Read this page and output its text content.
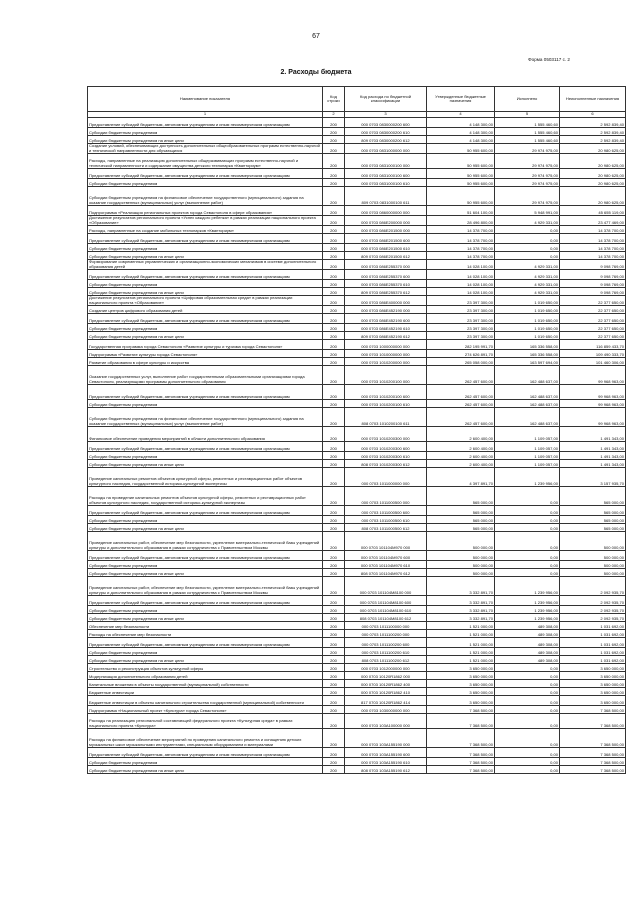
67
Форма 0503117 с. 2
2. Расходы бюджета
Наименование показателя	Код строки	Код расхода по бюджетной классификации	Утвержденные бюджетные назначения	Исполнено	Неисполненные назначения
1	2	3	4	5	6
Предоставление субсидий бюджетным, автономным учреждениям и иным некоммерческим организациям	200	000 0703 0830000200 600	4 148 300,00	1 555 460,60	2 592 839,40
Субсидии бюджетным учреждениям	200	000 0703 0830000200 610	4 148 300,00	1 555 460,60	2 592 839,40
Субсидии бюджетным учреждениям на иные цели	200	809 0703 0830000200 612	4 148 300,00	1 555 460,60	2 592 839,40
Создание условий, обеспечивающих доступность дополнительных общеобразовательных программ естественно-научной и технической направленности для обучающихся	200	000 0703 0831000000 000	50 955 600,00	29 974 975,00	20 980 625,00
Расходы, направленные на реализацию дополнительных общеразвивающих программ естественно-научной и технической направленности и содержание имущества детского технопарка «Кванториум»	200	000 0703 0831000100 000	50 955 600,00	29 974 975,00	20 980 625,00
Предоставление субсидий бюджетным, автономным учреждениям и иным некоммерческим организациям	200	000 0703 0831000100 600	50 955 600,00	29 974 975,00	20 980 625,00
Субсидии бюджетным учреждениям	200	000 0703 0831000100 610	50 955 600,00	29 974 975,00	20 980 625,00
Субсидии бюджетным учреждениям на финансовое обеспечение государственного (муниципального) задания на оказание государственных (муниципальных) услуг (выполнение работ)	200	809 0703 0831000100 611	50 955 600,00	29 974 975,00	20 980 625,00
Подпрограмма «Реализация региональных проектов города Севастополя в сфере образования»	200	000 0703 0860000000 000	51 604 100,00	5 948 991,00	45 655 119,00
Достижение результатов регионального проекта «Успех каждого ребенка» в рамках реализации национального проекта «Образование»	200	000 0703 086E200000 000	28 496 800,00	4 929 331,00	23 477 469,00
Расходы, направленные на создание мобильных технопарков «Кванториум»	200	000 0703 086E201500 000	14 378 700,00	0,00	14 378 700,00
Предоставление субсидий бюджетным, автономным учреждениям и иным некоммерческим организациям	200	000 0703 086E201500 600	14 378 700,00	0,00	14 378 700,00
Субсидии бюджетным учреждениям	200	000 0703 086E201500 610	14 378 700,00	0,00	14 378 700,00
Субсидии бюджетным учреждениям на иные цели	200	809 0703 086E201500 612	14 378 700,00	0,00	14 378 700,00
Формирование современных управленческих и организационно-экономических механизмов в системе дополнительного образования детей	200	000 0703 086E255370 000	14 028 100,00	4 929 331,00	9 098 769,00
Предоставление субсидий бюджетным, автономным учреждениям и иным некоммерческим организациям	200	000 0703 086E255370 600	14 028 100,00	4 929 331,00	9 098 769,00
Субсидии бюджетным учреждениям	200	000 0703 086E255370 610	14 028 100,00	4 929 331,00	9 098 769,00
Субсидии бюджетным учреждениям на иные цели	200	809 0703 086E255370 612	14 028 100,00	4 929 331,00	9 098 769,00
Достижение результатов регионального проекта «Цифровая образовательная среда» в рамках реализации национального проекта «Образование»	200	000 0703 086E400000 000	23 397 300,00	1 019 650,00	22 377 650,00
Создание центров цифрового образования детей	200	000 0703 086E452190 000	23 397 300,00	1 019 650,00	22 377 650,00
Предоставление субсидий бюджетным, автономным учреждениям и иным некоммерческим организациям	200	000 0703 086E452190 600	23 397 300,00	1 019 650,00	22 377 650,00
Субсидии бюджетным учреждениям	200	000 0703 086E452190 610	23 397 300,00	1 019 650,00	22 377 650,00
Субсидии бюджетным учреждениям на иные цели	200	809 0703 086E452190 612	23 397 300,00	1 019 650,00	22 377 650,00
Государственная программа города Севастополя «Развитие культуры и туризма города Севастополя»	200	000 0703 1000000000 000	282 195 991,70	165 336 558,00	116 859 433,70
Подпрограмма «Развитие культуры города Севастополя»	200	000 0703 1010000000 000	274 626 891,70	165 336 558,00	109 490 333,70
Развитие образования в сфере культуры и искусства	200	000 0703 1010200000 000	265 058 000,00	163 597 694,00	101 460 306,00
Оказание государственных услуг, выполнение работ государственными образовательными организациями города Севастополя, реализующими программы дополнительного образования	200	000 0703 1010200100 000	262 457 600,00	162 488 637,00	99 968 963,00
Предоставление субсидий бюджетным, автономным учреждениям и иным некоммерческим организациям	200	000 0703 1010200100 600	262 457 600,00	162 488 637,00	99 968 963,00
Субсидии бюджетным учреждениям	200	000 0703 1010200100 610	262 457 600,00	162 488 637,00	99 968 963,00
Субсидии бюджетным учреждениям на финансовое обеспечение государственного (муниципального) задания на оказание государственных (муниципальных) услуг (выполнение работ)	200	808 0703 1010200100 611	262 457 600,00	162 488 637,00	99 968 963,00
Финансовое обеспечение проведения мероприятий в области дополнительного образования	200	000 0703 1010200300 000	2 600 400,00	1 109 057,00	1 491 343,00
Предоставление субсидий бюджетным, автономным учреждениям и иным некоммерческим организациям	200	000 0703 1010200300 600	2 600 400,00	1 109 057,00	1 491 343,00
Субсидии бюджетным учреждениям	200	000 0703 1010200300 610	2 600 400,00	1 109 057,00	1 491 343,00
Субсидии бюджетным учреждениям на иные цели	200	808 0703 1010200300 612	2 600 400,00	1 109 057,00	1 491 343,00
Проведение капитальных ремонтов объектов культурной сферы, ремонтных и реставрационных работ объектов культурного наследия, государственной историко-культурной экспертизы	200	000 0703 1011000000 000	4 397 891,70	1 239 956,00	3 157 935,70
Расходы на проведение капитальных ремонтов объектов культурной сферы, ремонтных и реставрационных работ объектов культурного наследия, государственной историко-культурной экспертизы	200	000 0703 1011000500 000	565 000,00	0,00	565 000,00
Предоставление субсидий бюджетным, автономным учреждениям и иным некоммерческим организациям	200	000 0703 1011000500 600	565 000,00	0,00	565 000,00
Субсидии бюджетным учреждениям	200	000 0703 1011000500 610	565 000,00	0,00	565 000,00
Субсидии бюджетным учреждениям на иные цели	200	808 0703 1011000500 612	565 000,00	0,00	565 000,00
Проведение капитальных работ, обеспечение мер безопасности, укрепление материально-технической базы учреждений культуры и дополнительного образования в рамках сотрудничества с Правительством Москвы	200	000 0703 101104М970 000	500 000,00	0,00	500 000,00
Предоставление субсидий бюджетным, автономным учреждениям и иным некоммерческим организациям	200	000 0703 101104М970 600	500 000,00	0,00	500 000,00
Субсидии бюджетным учреждениям	200	000 0703 101104М970 610	500 000,00	0,00	500 000,00
Субсидии бюджетным учреждениям на иные цели	200	808 0703 101104М970 612	500 000,00	0,00	500 000,00
Проведение капитальных работ, обеспечение мер безопасности, укрепление материально-технической базы учреждений культуры и дополнительного образования в рамках сотрудничества с Правительством Москвы	200	000 0703 101104М8100 000	3 332 891,70	1 239 956,00	2 092 935,70
Предоставление субсидий бюджетным, автономным учреждениям и иным некоммерческим организациям	200	000 0703 101104М8100 600	3 332 891,70	1 239 956,00	2 092 935,70
Субсидии бюджетным учреждениям	200	000 0703 101104М8100 610	3 332 891,70	1 239 956,00	2 092 935,70
Субсидии бюджетным учреждениям на иные цели	200	808 0703 101104М8100 612	3 332 891,70	1 239 956,00	2 092 935,70
Обеспечение мер безопасности	200	000 0703 1011100000 000	1 521 000,00	489 308,00	1 031 692,00
Расходы на обеспечение мер безопасности	200	000 0703 1011100200 000	1 521 000,00	489 308,00	1 031 692,00
Предоставление субсидий бюджетным, автономным учреждениям и иным некоммерческим организациям	200	000 0703 1011100200 600	1 521 000,00	489 308,00	1 031 692,00
Субсидии бюджетным учреждениям	200	000 0703 1011100200 610	1 521 000,00	489 308,00	1 031 692,00
Субсидии бюджетным учреждениям на иные цели	200	808 0703 1011100200 612	1 521 000,00	489 308,00	1 031 692,00
Строительство и реконструкция объектов культурной сферы	200	000 0703 1012000000 000	3 650 000,00	0,00	3 650 000,00
Модернизация дополнительного образования детей	200	000 0703 10120R1862 000	3 650 000,00	0,00	3 650 000,00
Капитальные вложения в объекты государственной (муниципальной) собственности	200	000 0703 10120R1862 400	3 650 000,00	0,00	3 650 000,00
Бюджетные инвестиции	200	000 0703 10120R1862 410	3 650 000,00	0,00	3 650 000,00
Бюджетные инвестиции в объекты капитального строительства государственной (муниципальной) собственности	200	817 0703 10120R1862 414	3 650 000,00	0,00	3 650 000,00
Подпрограмма «Национальный проект «Культура» города Севастополя»	200	000 0703 1030000000 000	7 368 500,00	0,00	7 368 500,00
Расходы на реализацию региональной составляющей федерального проекта «Культурная среда» в рамках национального проекта «Культура»	200	000 0703 103A100000 000	7 368 500,00	0,00	7 368 500,00
Расходы на финансовое обеспечение мероприятий по проведению капитального ремонта и оснащению детских музыкальных школ музыкальными инструментами, специальным оборудованием и материалами	200	000 0703 103A155190 000	7 368 500,00	0,00	7 368 500,00
Предоставление субсидий бюджетным, автономным учреждениям и иным некоммерческим организациям	200	000 0703 103A155190 600	7 368 500,00	0,00	7 368 500,00
Субсидии бюджетным учреждениям	200	000 0703 103A155190 610	7 368 500,00	0,00	7 368 500,00
Субсидии бюджетным учреждениям на иные цели	200	808 0703 103A155190 612	7 368 500,00	0,00	7 368 500,00
